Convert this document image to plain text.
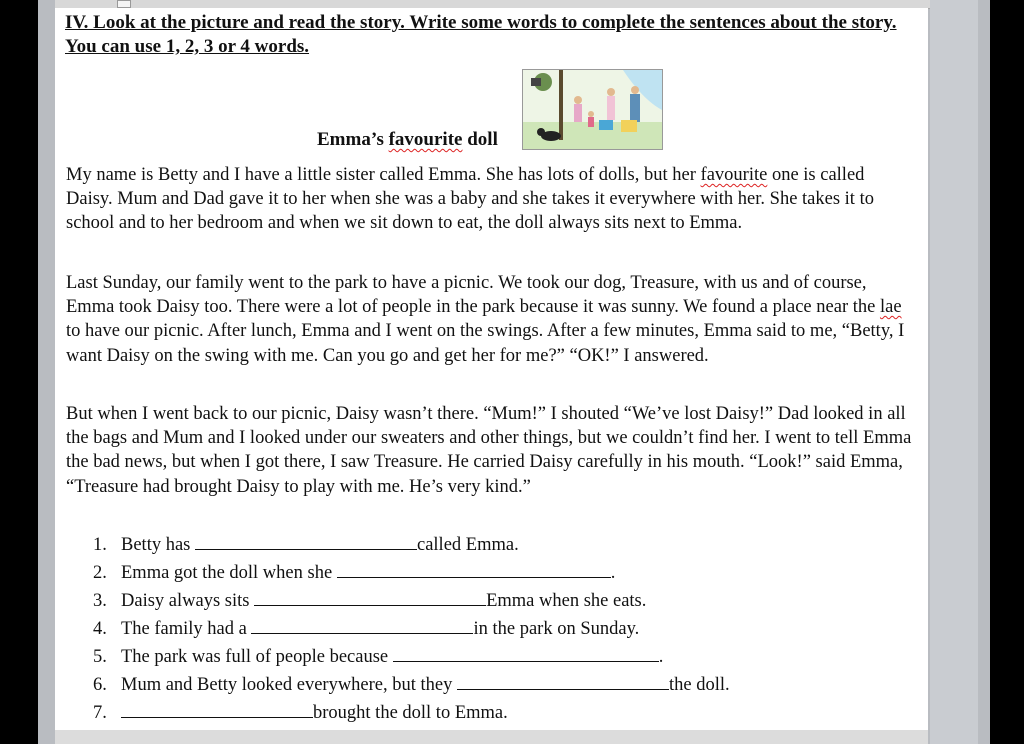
IV. Look at the picture and read the story. Write some words to complete the sentences about the story. You can use 1, 2, 3 or 4 words.
Emma’s favourite doll

My name is Betty and I have a little sister called Emma. She has lots of dolls, but her favourite one is called Daisy. Mum and Dad gave it to her when she was a baby and she takes it everywhere with her. She takes it to school and to her bedroom and when we sit down to eat, the doll always sits next to Emma.

Last Sunday, our family went to the park to have a picnic. We took our dog, Treasure, with us and of course, Emma took Daisy too. There were a lot of people in the park because it was sunny. We found a place near the lae to have our picnic. After lunch, Emma and I went on the swings. After a few minutes, Emma said to me, “Betty, I want Daisy on the swing with me. Can you go and get her for me?” “OK!” I answered.

But when I went back to our picnic, Daisy wasn’t there. “Mum!” I shouted “We’ve lost Daisy!” Dad looked in all the bags and Mum and I looked under our sweaters and other things, but we couldn’t find her. I went to tell Emma the bad news, but when I got there, I saw Treasure. He carried Daisy carefully in his mouth. “Look!” said Emma, “Treasure had brought Daisy to play with me. He’s very kind.”

1. Betty has	called Emma.
2. Emma got the doll when she	.
3. Daisy always sits	Emma when she eats.
4. The family had a	in the park on Sunday.
5. The park was full of people because	.
6. Mum and Betty looked everywhere, but they	the doll.
7.	brought the doll to Emma.
